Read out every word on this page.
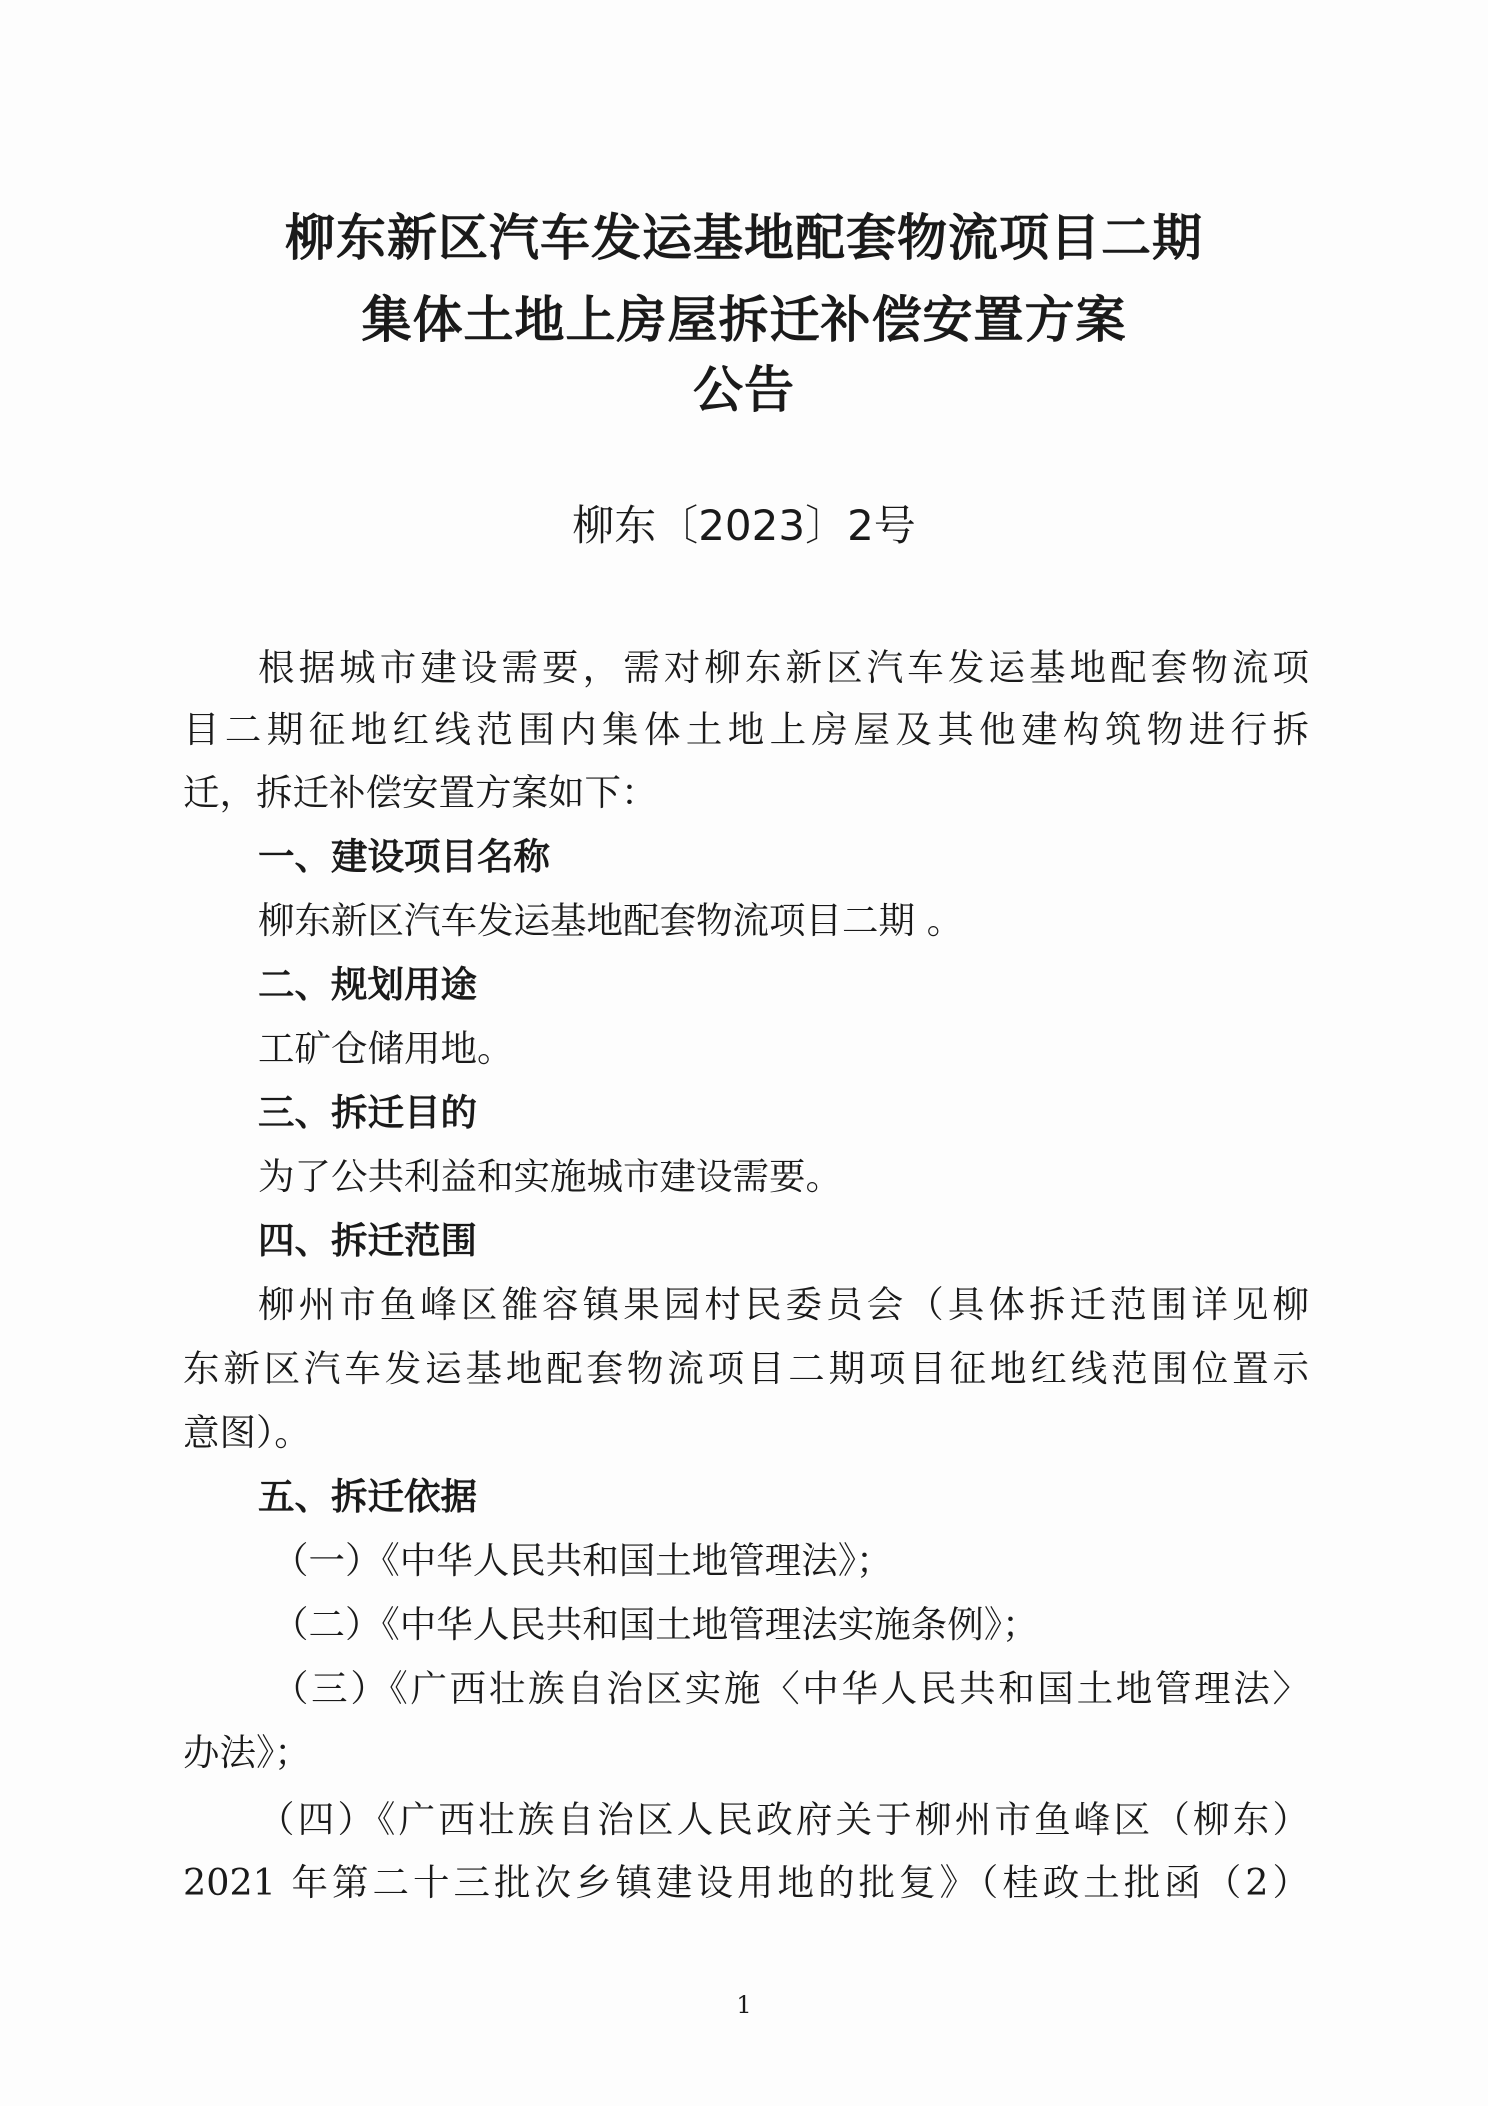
柳东新区汽车发运基地配套物流项目二期
集体土地上房屋拆迁补偿安置方案
公告
柳东〔2023〕2号
根据城市建设需要，需对柳东新区汽车发运基地配套物流项
目二期征地红线范围内集体土地上房屋及其他建构筑物进行拆
迁，拆迁补偿安置方案如下：
一、建设项目名称
柳东新区汽车发运基地配套物流项目二期 。
二、规划用途
工矿仓储用地。
三、拆迁目的
为了公共利益和实施城市建设需要。
四、拆迁范围
柳州市鱼峰区雒容镇果园村民委员会（具体拆迁范围详见柳
东新区汽车发运基地配套物流项目二期项目征地红线范围位置示
意图）。
五、拆迁依据
（一）《中华人民共和国土地管理法》；
（二）《中华人民共和国土地管理法实施条例》；
（三）《广西壮族自治区实施〈中华人民共和国土地管理法〉
办法》；
（四）《广西壮族自治区人民政府关于柳州市鱼峰区（柳东）
2021 年第二十三批次乡镇建设用地的批复》（桂政土批函（2）
1
